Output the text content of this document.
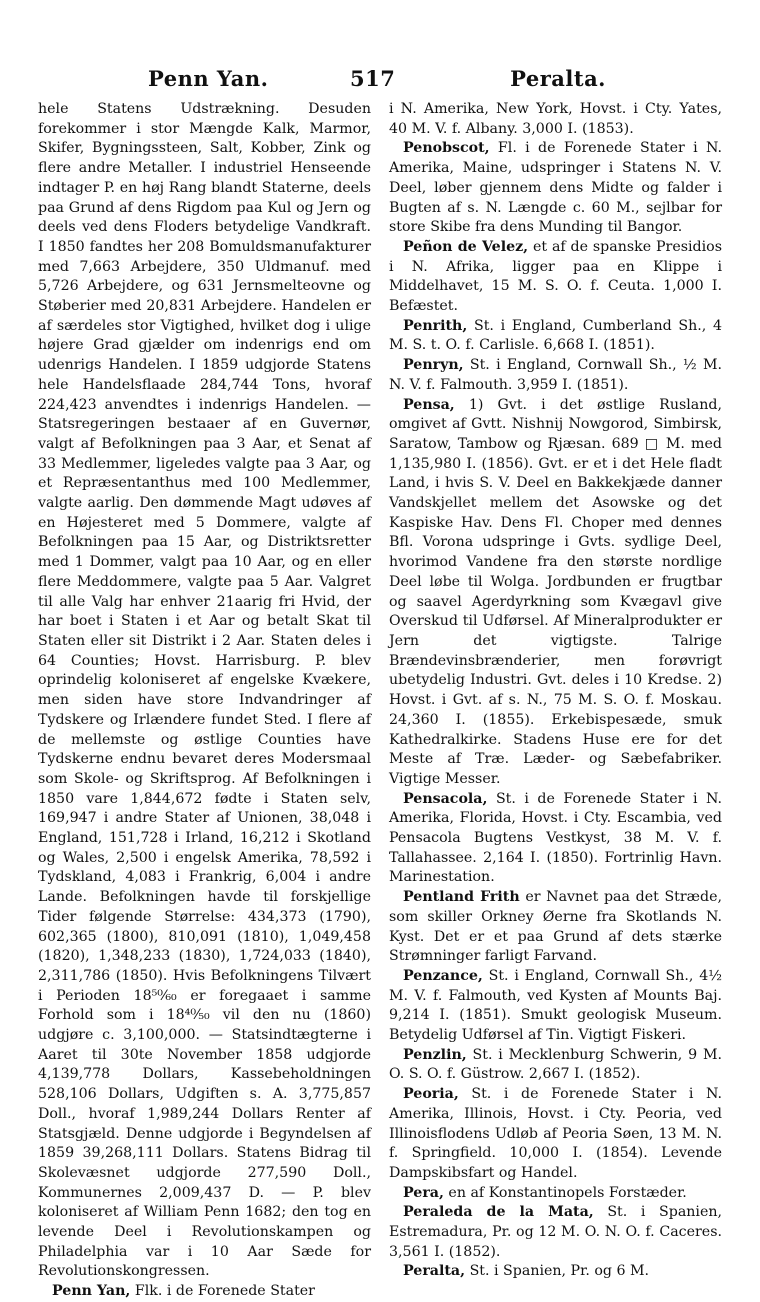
Penn Yan.	517	Peralta.

hele Statens Udstrækning. Desuden forekommer i stor Mængde Kalk, Marmor, Skifer, Bygningssteen, Salt, Kobber, Zink og flere andre Metaller. I industriel Henseende indtager P. en høj Rang blandt Staterne, deels paa Grund af dens Rigdom paa Kul og Jern og deels ved dens Floders betydelige Vandkraft. I 1850 fandtes her 208 Bomuldsmanufakturer med 7,663 Arbejdere, 350 Uldmanuf. med 5,726 Arbejdere, og 631 Jernsmelteovne og Støberier med 20,831 Arbejdere. Handelen er af særdeles stor Vigtighed, hvilket dog i ulige højere Grad gjælder om indenrigs end om udenrigs Handelen. I 1859 udgjorde Statens hele Handelsflaade 284,744 Tons, hvoraf 224,423 anvendtes i indenrigs Handelen. — Statsregeringen bestaaer af en Guvernør, valgt af Befolkningen paa 3 Aar, et Senat af 33 Medlemmer, ligeledes valgte paa 3 Aar, og et Repræsentanthus med 100 Medlemmer, valgte aarlig. Den dømmende Magt udøves af en Højesteret med 5 Dommere, valgte af Befolkningen paa 15 Aar, og Distriktsretter med 1 Dommer, valgt paa 10 Aar, og en eller flere Meddommere, valgte paa 5 Aar. Valgret til alle Valg har enhver 21aarig fri Hvid, der har boet i Staten i et Aar og betalt Skat til Staten eller sit Distrikt i 2 Aar. Staten deles i 64 Counties; Hovst. Harrisburg. P. blev oprindelig koloniseret af engelske Kvækere, men siden have store Indvandringer af Tydskere og Irlændere fundet Sted. I flere af de mellemste og østlige Counties have Tydskerne endnu bevaret deres Modersmaal som Skole- og Skriftsprog. Af Befolkningen i 1850 vare 1,844,672 fødte i Staten selv, 169,947 i andre Stater af Unionen, 38,048 i England, 151,728 i Irland, 16,212 i Skotland og Wales, 2,500 i engelsk Amerika, 78,592 i Tydskland, 4,083 i Frankrig, 6,004 i andre Lande. Befolkningen havde til forskjellige Tider følgende Størrelse: 434,373 (1790), 602,365 (1800), 810,091 (1810), 1,049,458 (1820), 1,348,233 (1830), 1,724,033 (1840), 2,311,786 (1850). Hvis Befolkningens Tilvært i Perioden 18⁵⁰⁄₆₀ er foregaaet i samme Forhold som i 18⁴⁰⁄₅₀ vil den nu (1860) udgjøre c. 3,100,000. — Statsindtægterne i Aaret til 30te November 1858 udgjorde 4,139,778 Dollars, Kassebeholdningen 528,106 Dollars, Udgiften s. A. 3,775,857 Doll., hvoraf 1,989,244 Dollars Renter af Statsgjæld. Denne udgjorde i Begyndelsen af 1859 39,268,111 Dollars. Statens Bidrag til Skolevæsnet udgjorde 277,590 Doll., Kommunernes 2,009,437 D. — P. blev koloniseret af William Penn 1682; den tog en levende Deel i Revolutionskampen og Philadelphia var i 10 Aar Sæde for Revolutionskongressen.

Penn Yan, Flk. i de Forenede Stater

i N. Amerika, New York, Hovst. i Cty. Yates, 40 M. V. f. Albany. 3,000 I. (1853).

Penobscot, Fl. i de Forenede Stater i N. Amerika, Maine, udspringer i Statens N. V. Deel, løber gjennem dens Midte og falder i Bugten af s. N. Længde c. 60 M., sejlbar for store Skibe fra dens Munding til Bangor.

Peñon de Velez, et af de spanske Presidios i N. Afrika, ligger paa en Klippe i Middelhavet, 15 M. S. O. f. Ceuta. 1,000 I. Befæstet.

Penrith, St. i England, Cumberland Sh., 4 M. S. t. O. f. Carlisle. 6,668 I. (1851).

Penryn, St. i England, Cornwall Sh., ½ M. N. V. f. Falmouth. 3,959 I. (1851).

Pensa, 1) Gvt. i det østlige Rusland, omgivet af Gvtt. Nishnij Nowgorod, Simbirsk, Saratow, Tambow og Rjæsan. 689 □ M. med 1,135,980 I. (1856). Gvt. er et i det Hele fladt Land, i hvis S. V. Deel en Bakkekjæde danner Vandskjellet mellem det Asowske og det Kaspiske Hav. Dens Fl. Choper med dennes Bfl. Vorona udspringe i Gvts. sydlige Deel, hvorimod Vandene fra den største nordlige Deel løbe til Wolga. Jordbunden er frugtbar og saavel Agerdyrkning som Kvægavl give Overskud til Udførsel. Af Mineralprodukter er Jern det vigtigste. Talrige Brændevinsbrænderier, men forøvrigt ubetydelig Industri. Gvt. deles i 10 Kredse. 2) Hovst. i Gvt. af s. N., 75 M. S. O. f. Moskau. 24,360 I. (1855). Erkebispesæde, smuk Kathedralkirke. Stadens Huse ere for det Meste af Træ. Læder- og Sæbefabriker. Vigtige Messer.

Pensacola, St. i de Forenede Stater i N. Amerika, Florida, Hovst. i Cty. Escambia, ved Pensacola Bugtens Vestkyst, 38 M. V. f. Tallahassee. 2,164 I. (1850). Fortrinlig Havn. Marinestation.

Pentland Frith er Navnet paa det Stræde, som skiller Orkney Øerne fra Skotlands N. Kyst. Det er et paa Grund af dets stærke Strømninger farligt Farvand.

Penzance, St. i England, Cornwall Sh., 4½ M. V. f. Falmouth, ved Kysten af Mounts Baj. 9,214 I. (1851). Smukt geologisk Museum. Betydelig Udførsel af Tin. Vigtigt Fiskeri.

Penzlin, St. i Mecklenburg Schwerin, 9 M. O. S. O. f. Güstrow. 2,667 I. (1852).

Peoria, St. i de Forenede Stater i N. Amerika, Illinois, Hovst. i Cty. Peoria, ved Illinoisflodens Udløb af Peoria Søen, 13 M. N. f. Springfield. 10,000 I. (1854). Levende Dampskibsfart og Handel.

Pera, en af Konstantinopels Forstæder.

Peraleda de la Mata, St. i Spanien, Estremadura, Pr. og 12 M. O. N. O. f. Caceres. 3,561 I. (1852).

Peralta, St. i Spanien, Pr. og 6 M.
